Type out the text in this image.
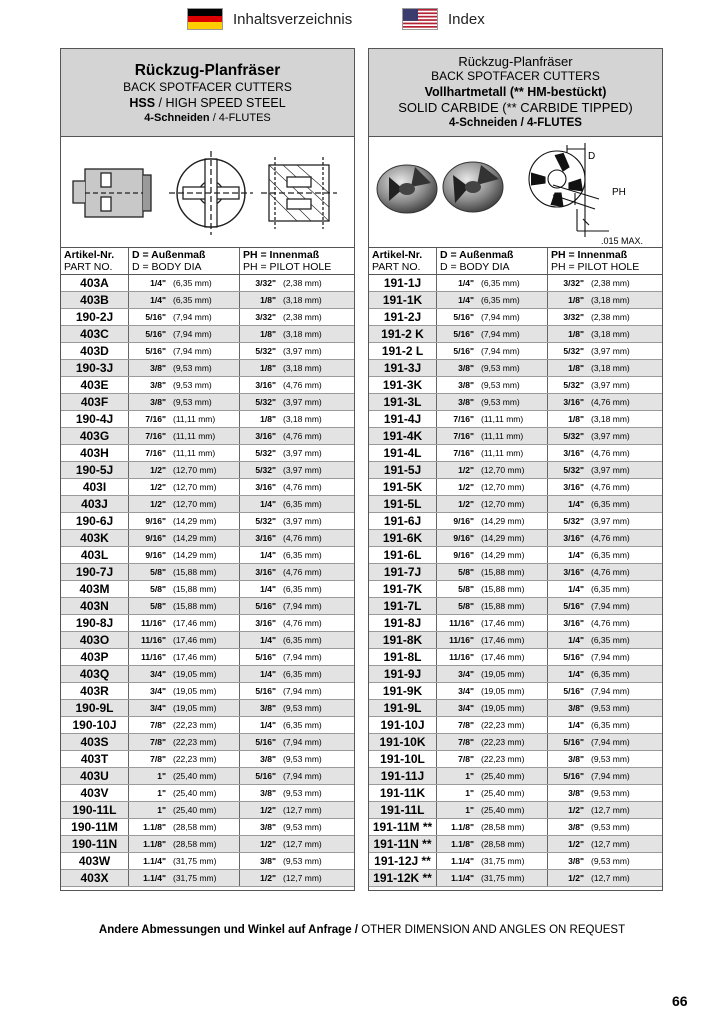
Inhaltsverzeichnis	Index
Rückzug-Planfräser
BACK SPOTFACER CUTTERS
HSS / HIGH SPEED STEEL
4-Schneiden / 4-FLUTES
Artikel-Nr.
PART NO.
D = Außenmaß
D = BODY DIA
PH = Innenmaß
PH = PILOT HOLE
403A	1/4" (6,35 mm)	3/32" (2,38 mm)
403B	1/4" (6,35 mm)	1/8" (3,18 mm)
190-2J	5/16" (7,94 mm)	3/32" (2,38 mm)
403C	5/16" (7,94 mm)	1/8" (3,18 mm)
403D	5/16" (7,94 mm)	5/32" (3,97 mm)
190-3J	3/8" (9,53 mm)	1/8" (3,18 mm)
403E	3/8" (9,53 mm)	3/16" (4,76 mm)
403F	3/8" (9,53 mm)	5/32" (3,97 mm)
190-4J	7/16" (11,11 mm)	1/8" (3,18 mm)
403G	7/16" (11,11 mm)	3/16" (4,76 mm)
403H	7/16" (11,11 mm)	5/32" (3,97 mm)
190-5J	1/2" (12,70 mm)	5/32" (3,97 mm)
403I	1/2" (12,70 mm)	3/16" (4,76 mm)
403J	1/2" (12,70 mm)	1/4" (6,35 mm)
190-6J	9/16" (14,29 mm)	5/32" (3,97 mm)
403K	9/16" (14,29 mm)	3/16" (4,76 mm)
403L	9/16" (14,29 mm)	1/4" (6,35 mm)
190-7J	5/8" (15,88 mm)	3/16" (4,76 mm)
403M	5/8" (15,88 mm)	1/4" (6,35 mm)
403N	5/8" (15,88 mm)	5/16" (7,94 mm)
190-8J	11/16" (17,46 mm)	3/16" (4,76 mm)
403O	11/16" (17,46 mm)	1/4" (6,35 mm)
403P	11/16" (17,46 mm)	5/16" (7,94 mm)
403Q	3/4" (19,05 mm)	1/4" (6,35 mm)
403R	3/4" (19,05 mm)	5/16" (7,94 mm)
190-9L	3/4" (19,05 mm)	3/8" (9,53 mm)
190-10J	7/8" (22,23 mm)	1/4" (6,35 mm)
403S	7/8" (22,23 mm)	5/16" (7,94 mm)
403T	7/8" (22,23 mm)	3/8" (9,53 mm)
403U	1" (25,40 mm)	5/16" (7,94 mm)
403V	1" (25,40 mm)	3/8" (9,53 mm)
190-11L	1" (25,40 mm)	1/2" (12,7 mm)
190-11M	1.1/8" (28,58 mm)	3/8" (9,53 mm)
190-11N	1.1/8" (28,58 mm)	1/2" (12,7 mm)
403W	1.1/4" (31,75 mm)	3/8" (9,53 mm)
403X	1.1/4" (31,75 mm)	1/2" (12,7 mm)
Rückzug-Planfräser
BACK SPOTFACER CUTTERS
Vollhartmetall (** HM-bestückt)
SOLID CARBIDE (** CARBIDE TIPPED)
4-Schneiden / 4-FLUTES
D
PH
.015 MAX.
Artikel-Nr.
PART NO.
D = Außenmaß
D = BODY DIA
PH = Innenmaß
PH = PILOT HOLE
191-1J	1/4" (6,35 mm)	3/32" (2,38 mm)
191-1K	1/4" (6,35 mm)	1/8" (3,18 mm)
191-2J	5/16" (7,94 mm)	3/32" (2,38 mm)
191-2 K	5/16" (7,94 mm)	1/8" (3,18 mm)
191-2 L	5/16" (7,94 mm)	5/32" (3,97 mm)
191-3J	3/8" (9,53 mm)	1/8" (3,18 mm)
191-3K	3/8" (9,53 mm)	5/32" (3,97 mm)
191-3L	3/8" (9,53 mm)	3/16" (4,76 mm)
191-4J	7/16" (11,11 mm)	1/8" (3,18 mm)
191-4K	7/16" (11,11 mm)	5/32" (3,97 mm)
191-4L	7/16" (11,11 mm)	3/16" (4,76 mm)
191-5J	1/2" (12,70 mm)	5/32" (3,97 mm)
191-5K	1/2" (12,70 mm)	3/16" (4,76 mm)
191-5L	1/2" (12,70 mm)	1/4" (6,35 mm)
191-6J	9/16" (14,29 mm)	5/32" (3,97 mm)
191-6K	9/16" (14,29 mm)	3/16" (4,76 mm)
191-6L	9/16" (14,29 mm)	1/4" (6,35 mm)
191-7J	5/8" (15,88 mm)	3/16" (4,76 mm)
191-7K	5/8" (15,88 mm)	1/4" (6,35 mm)
191-7L	5/8" (15,88 mm)	5/16" (7,94 mm)
191-8J	11/16" (17,46 mm)	3/16" (4,76 mm)
191-8K	11/16" (17,46 mm)	1/4" (6,35 mm)
191-8L	11/16" (17,46 mm)	5/16" (7,94 mm)
191-9J	3/4" (19,05 mm)	1/4" (6,35 mm)
191-9K	3/4" (19,05 mm)	5/16" (7,94 mm)
191-9L	3/4" (19,05 mm)	3/8" (9,53 mm)
191-10J	7/8" (22,23 mm)	1/4" (6,35 mm)
191-10K	7/8" (22,23 mm)	5/16" (7,94 mm)
191-10L	7/8" (22,23 mm)	3/8" (9,53 mm)
191-11J	1" (25,40 mm)	5/16" (7,94 mm)
191-11K	1" (25,40 mm)	3/8" (9,53 mm)
191-11L	1" (25,40 mm)	1/2" (12,7 mm)
191-11M **	1.1/8" (28,58 mm)	3/8" (9,53 mm)
191-11N **	1.1/8" (28,58 mm)	1/2" (12,7 mm)
191-12J **	1.1/4" (31,75 mm)	3/8" (9,53 mm)
191-12K **	1.1/4" (31,75 mm)	1/2" (12,7 mm)
Andere Abmessungen und Winkel auf Anfrage / OTHER DIMENSION AND ANGLES ON REQUEST
66
